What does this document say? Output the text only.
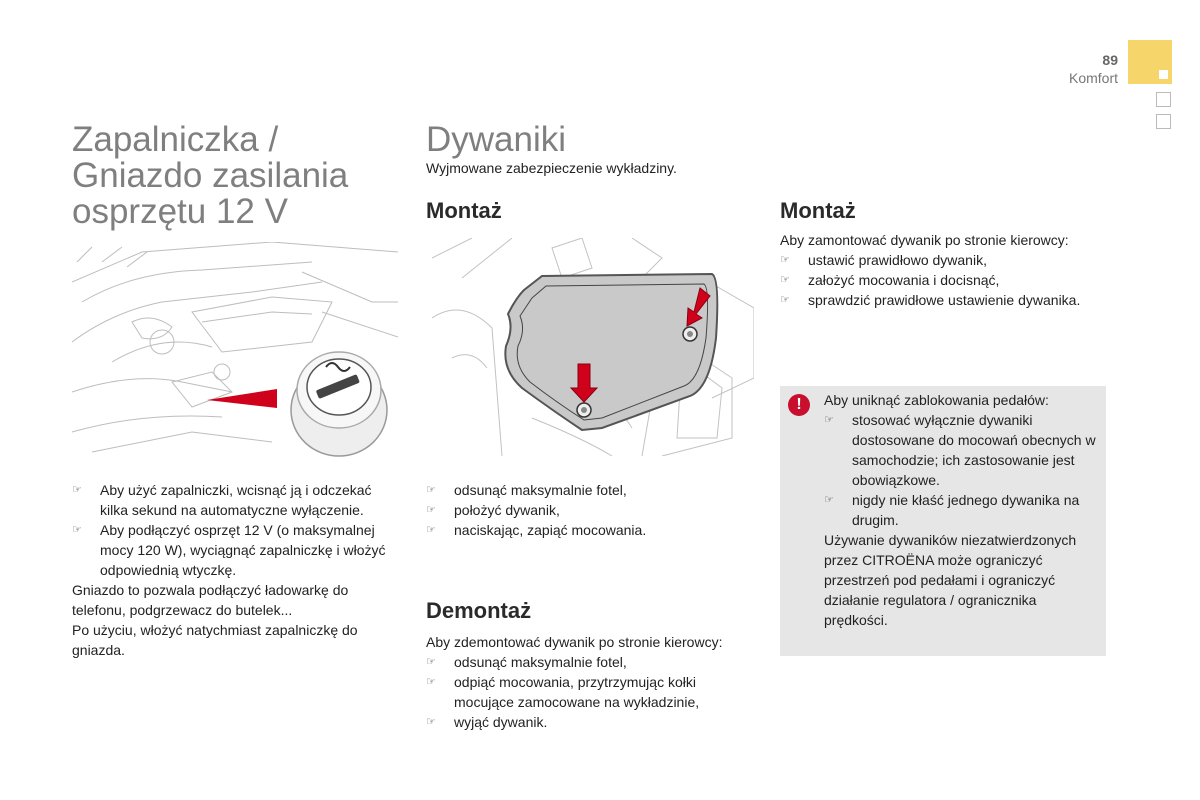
89
Komfort
Zapalniczka /
Gniazdo zasilania
osprzętu 12 V
☞ Aby użyć zapalniczki, wcisnąć ją i odczekać kilka sekund na automatyczne wyłączenie.
☞ Aby podłączyć osprzęt 12 V (o maksymalnej mocy 120 W), wyciągnąć zapalniczkę i włożyć odpowiednią wtyczkę.
Gniazdo to pozwala podłączyć ładowarkę do telefonu, podgrzewacz do butelek...
Po użyciu, włożyć natychmiast zapalniczkę do gniazda.
Dywaniki
Wyjmowane zabezpieczenie wykładziny.
Montaż
☞ odsunąć maksymalnie fotel,
☞ położyć dywanik,
☞ naciskając, zapiąć mocowania.
Demontaż
Aby zdemontować dywanik po stronie kierowcy:
☞ odsunąć maksymalnie fotel,
☞ odpiąć mocowania, przytrzymując kołki mocujące zamocowane na wykładzinie,
☞ wyjąć dywanik.
Montaż
Aby zamontować dywanik po stronie kierowcy:
☞ ustawić prawidłowo dywanik,
☞ założyć mocowania i docisnąć,
☞ sprawdzić prawidłowe ustawienie dywanika.
!	Aby uniknąć zablokowania pedałów:
☞ stosować wyłącznie dywaniki dostosowane do mocowań obecnych w samochodzie; ich zastosowanie jest obowiązkowe.
☞ nigdy nie kłaść jednego dywanika na drugim.
Używanie dywaników niezatwierdzonych przez CITROËNA może ograniczyć przestrzeń pod pedałami i ograniczyć działanie regulatora / ogranicznika prędkości.
